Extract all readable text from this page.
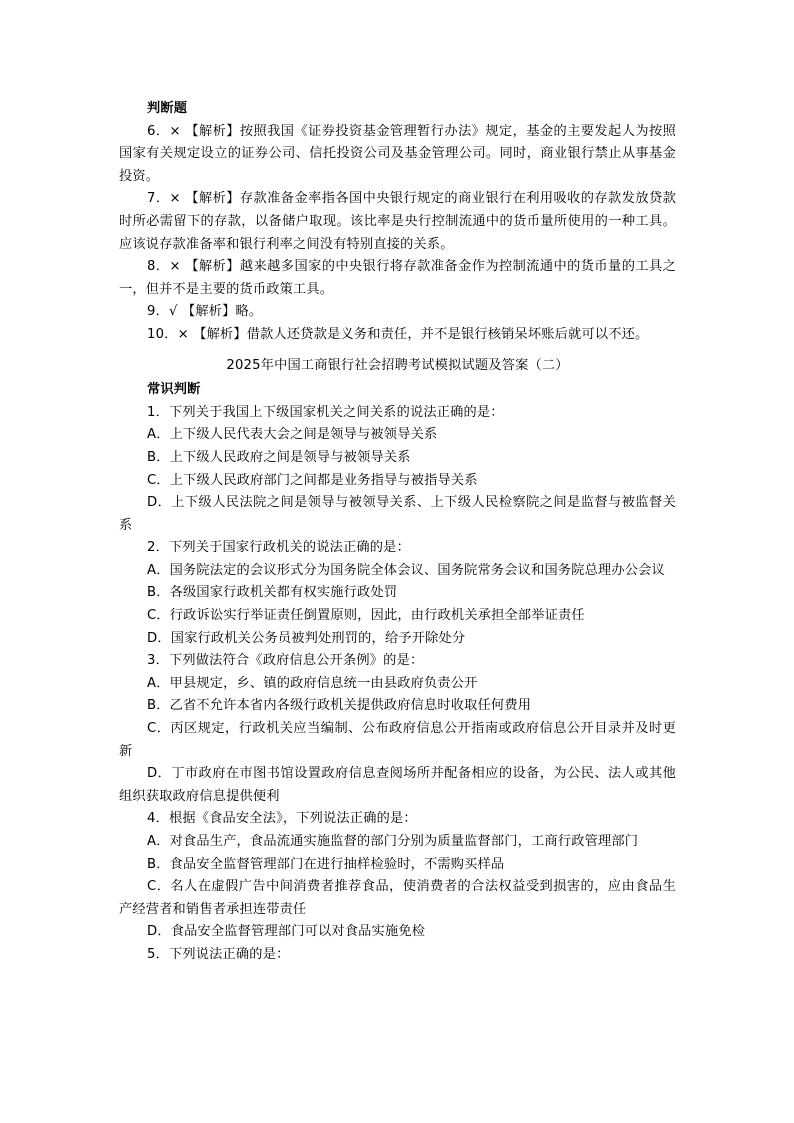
判断题

6．× 【解析】按照我国《证券投资基金管理暂行办法》规定，基金的主要发起人为按照国家有关规定设立的证券公司、信托投资公司及基金管理公司。同时，商业银行禁止从事基金投资。

7．× 【解析】存款准备金率指各国中央银行规定的商业银行在利用吸收的存款发放贷款时所必需留下的存款，以备储户取现。该比率是央行控制流通中的货币量所使用的一种工具。应该说存款准备率和银行利率之间没有特别直接的关系。

8．× 【解析】越来越多国家的中央银行将存款准备金作为控制流通中的货币量的工具之一，但并不是主要的货币政策工具。

9．√ 【解析】略。

10．× 【解析】借款人还贷款是义务和责任，并不是银行核销呆坏账后就可以不还。

2025年中国工商银行社会招聘考试模拟试题及答案（二）

常识判断

1．下列关于我国上下级国家机关之间关系的说法正确的是：

A．上下级人民代表大会之间是领导与被领导关系

B．上下级人民政府之间是领导与被领导关系

C．上下级人民政府部门之间都是业务指导与被指导关系

D．上下级人民法院之间是领导与被领导关系、上下级人民检察院之间是监督与被监督关系

2．下列关于国家行政机关的说法正确的是：

A．国务院法定的会议形式分为国务院全体会议、国务院常务会议和国务院总理办公会议

B．各级国家行政机关都有权实施行政处罚

C．行政诉讼实行举证责任倒置原则，因此，由行政机关承担全部举证责任

D．国家行政机关公务员被判处刑罚的，给予开除处分

3．下列做法符合《政府信息公开条例》的是：

A．甲县规定，乡、镇的政府信息统一由县政府负责公开

B．乙省不允许本省内各级行政机关提供政府信息时收取任何费用

C．丙区规定，行政机关应当编制、公布政府信息公开指南或政府信息公开目录并及时更新

D．丁市政府在市图书馆设置政府信息查阅场所并配备相应的设备，为公民、法人或其他组织获取政府信息提供便利

4．根据《食品安全法》，下列说法正确的是：

A．对食品生产，食品流通实施监督的部门分别为质量监督部门，工商行政管理部门

B．食品安全监督管理部门在进行抽样检验时，不需购买样品

C．名人在虚假广告中间消费者推荐食品，使消费者的合法权益受到损害的，应由食品生产经营者和销售者承担连带责任

D．食品安全监督管理部门可以对食品实施免检

5．下列说法正确的是：
